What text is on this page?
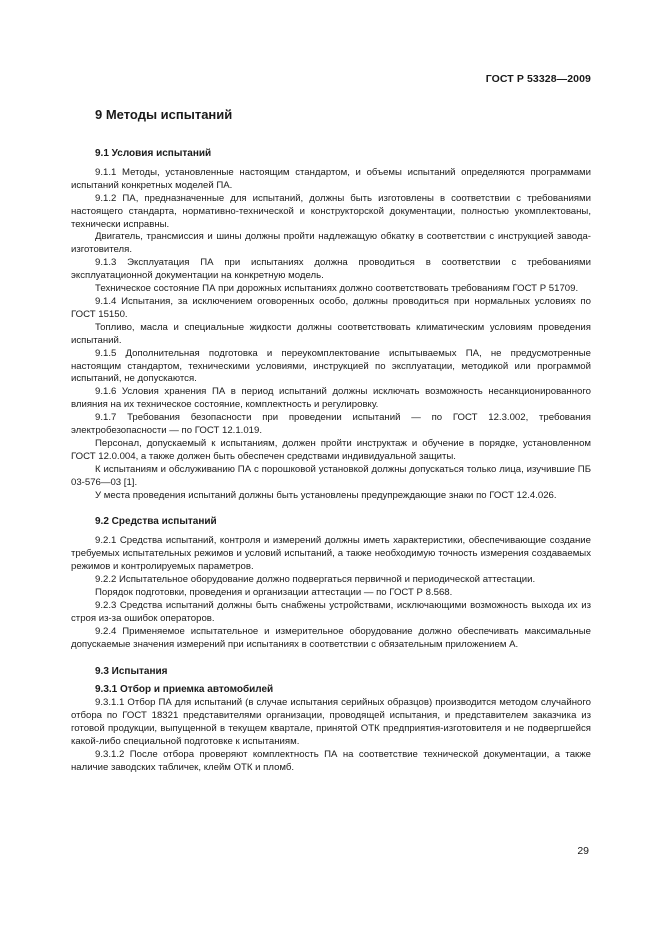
ГОСТ Р 53328—2009
9 Методы испытаний
9.1 Условия испытаний

9.1.1 Методы, установленные настоящим стандартом, и объемы испытаний определяются программами испытаний конкретных моделей ПА.

9.1.2 ПА, предназначенные для испытаний, должны быть изготовлены в соответствии с требованиями настоящего стандарта, нормативно-технической и конструкторской документации, полностью укомплектованы, технически исправны.

Двигатель, трансмиссия и шины должны пройти надлежащую обкатку в соответствии с инструкцией завода-изготовителя.

9.1.3 Эксплуатация ПА при испытаниях должна проводиться в соответствии с требованиями эксплуатационной документации на конкретную модель.

Техническое состояние ПА при дорожных испытаниях должно соответствовать требованиям ГОСТ Р 51709.

9.1.4 Испытания, за исключением оговоренных особо, должны проводиться при нормальных условиях по ГОСТ 15150.

Топливо, масла и специальные жидкости должны соответствовать климатическим условиям проведения испытаний.

9.1.5 Дополнительная подготовка и переукомплектование испытываемых ПА, не предусмотренные настоящим стандартом, техническими условиями, инструкцией по эксплуатации, методикой или программой испытаний, не допускаются.

9.1.6 Условия хранения ПА в период испытаний должны исключать возможность несанкционированного влияния на их техническое состояние, комплектность и регулировку.

9.1.7 Требования безопасности при проведении испытаний — по ГОСТ 12.3.002, требования электробезопасности — по ГОСТ 12.1.019.

Персонал, допускаемый к испытаниям, должен пройти инструктаж и обучение в порядке, установленном ГОСТ 12.0.004, а также должен быть обеспечен средствами индивидуальной защиты.

К испытаниям и обслуживанию ПА с порошковой установкой должны допускаться только лица, изучившие ПБ 03-576—03 [1].

У места проведения испытаний должны быть установлены предупреждающие знаки по ГОСТ 12.4.026.

9.2 Средства испытаний

9.2.1 Средства испытаний, контроля и измерений должны иметь характеристики, обеспечивающие создание требуемых испытательных режимов и условий испытаний, а также необходимую точность измерения создаваемых режимов и контролируемых параметров.

9.2.2 Испытательное оборудование должно подвергаться первичной и периодической аттестации.

Порядок подготовки, проведения и организации аттестации — по ГОСТ Р 8.568.

9.2.3 Средства испытаний должны быть снабжены устройствами, исключающими возможность выхода их из строя из-за ошибок операторов.

9.2.4 Применяемое испытательное и измерительное оборудование должно обеспечивать максимальные допускаемые значения измерений при испытаниях в соответствии с обязательным приложением А.

9.3 Испытания
9.3.1 Отбор и приемка автомобилей

9.3.1.1 Отбор ПА для испытаний (в случае испытания серийных образцов) производится методом случайного отбора по ГОСТ 18321 представителями организации, проводящей испытания, и представителем заказчика из готовой продукции, выпущенной в текущем квартале, принятой ОТК предприятия-изготовителя и не подвергшейся какой-либо специальной подготовке к испытаниям.

9.3.1.2 После отбора проверяют комплектность ПА на соответствие технической документации, а также наличие заводских табличек, клейм ОТК и пломб.

29
